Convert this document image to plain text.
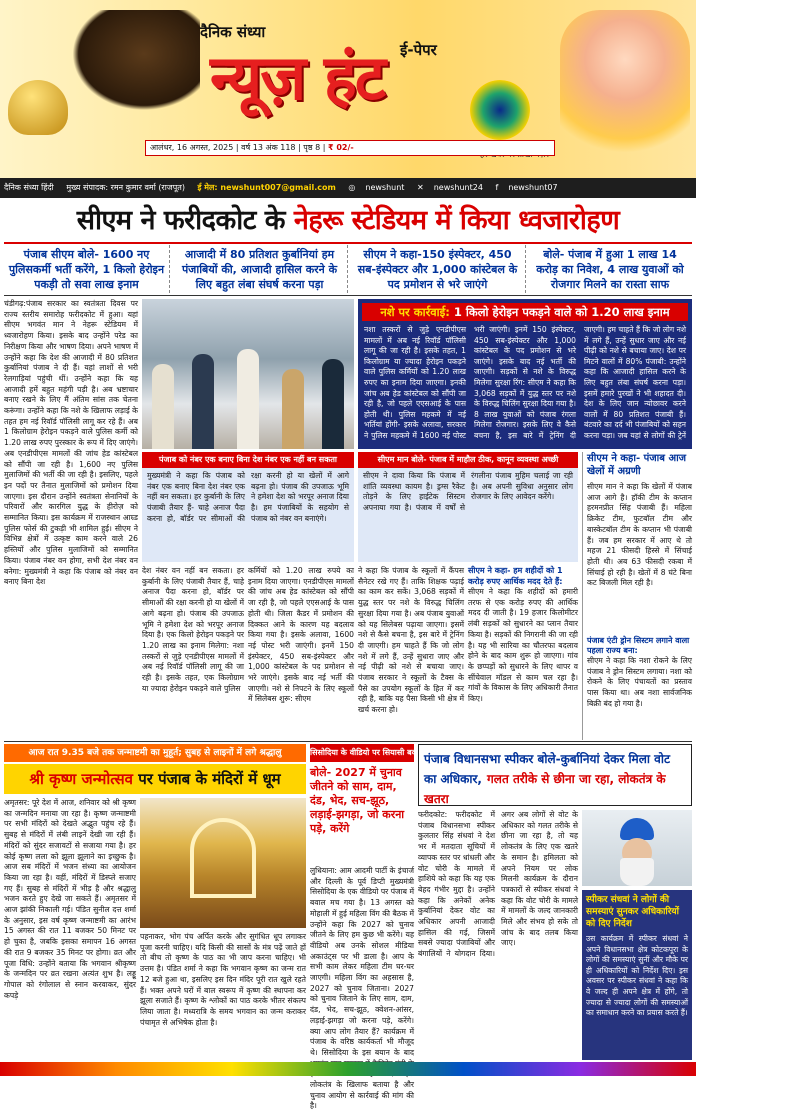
दैनिक संध्या
न्यूज़ हंट	ई-पेपर
आलंधर, 16 अगस्त, 2025 | वर्ष 13 अंक 118 | पृष्ठ 8 | ₹ 02/-
दैनिक संध्या हिंदी मुख्य संपादक: रमन कुमार वर्मा (राजपूत) ई मेल: newshunt007@gmail.com ◎ newshunt ✕ newshunt24 f newshunt07
सीएम ने फरीदकोट के नेहरू स्टेडियम में किया ध्वजारोहण
पंजाब सीएम बोले- 1600 नए पुलिसकर्मी भर्ती करेंगे, 1 किलो हेरोइन पकड़ी तो सवा लाख इनाम
आजादी में 80 प्रतिशत कुर्बानियां हम पंजाबियों की, आजादी हासिल करने के लिए बहुत लंबा संघर्ष करना पड़ा
सीएम ने कहा-150 इंस्पेक्टर, 450 सब-इंस्पेक्टर और 1,000 कांस्टेबल के पद प्रमोशन से भरे जाएंगे
बोले- पंजाब में हुआ 1 लाख 14 करोड़ का निवेश, 4 लाख युवाओं को रोजगार मिलने का रास्ता साफ
चंडीगढ़:पंजाब सरकार का स्वतंत्रता दिवस पर राज्य स्तरीय समारोह फरीदकोट में हुआ। यहां सीएम भगवंत मान ने नेहरू स्टेडियम में ध्वजारोहण किया। इसके बाद उन्होंने परेड का निरीक्षण किया और भाषण दिया। अपने भाषण में उन्होंने कहा कि देश की आजादी में 80 प्रतिशत कुर्बानियां पंजाब ने दी हैं। यहां लाशों से भरी रेलगाड़ियां पहुंची थीं। उन्होंने कहा कि यह आजादी हमें बहुत महंगी पड़ी है। अब भ्रष्टाचार बनाए रखने के लिए मैं अंतिम सांस तक चेतना करूंगा। उन्होंने कहा कि नशे के खिलाफ लड़ाई के तहत हम नई रिवॉर्ड पॉलिसी लागू कर रहे हैं। अब 1 किलोग्राम हेरोइन पकड़ने वाले पुलिस कर्मी को 1.20 लाख रुपए पुरस्कार के रूप में दिए जाएंगे। अब एनडीपीएस मामलों की जांच हेड कांस्टेबल को सौंपी जा रही है। 1,600 नए पुलिस मुलाजिमों की भर्ती की जा रही है। इसलिए, पहले इन पदों पर तैनात मुलाजिमों को प्रमोशन दिया जाएगा। इस दौरान उन्होंने स्वतंत्रता सेनानियों के परिवारों और कारगिल युद्ध के हीरोज़ को सम्मानित किया। इस कार्यक्रम में राजस्थान आम्र्ड पुलिस फोर्स की टुकड़ी भी शामिल हुई। सीएम ने विभिन्न क्षेत्रों में उत्कृष्ट काम करने वाले 26 हस्तियों और पुलिस मुलाजिमों को सम्मानित किया। पंजाब नंबर वन होगा, सभी देश नंबर वन बनेगा: मुख्यमंत्री ने कहा कि पंजाब को नंबर वन बनाए बिना देश
नशे पर कार्रवाई: 1 किलो हेरोइन पकड़ने वाले को 1.20 लाख इनाम
नशा तस्करों से जुड़े एनडीपीएस मामलों में अब नई रिवॉर्ड पॉलिसी लागू की जा रही है। इसके तहत, 1 किलोग्राम या ज्यादा हेरोइन पकड़ने वाले पुलिस कर्मियों को 1.20 लाख रुपए का इनाम दिया जाएगा। इनकी जांच अब हेड कांस्टेबल को सौंपी जा रही है, जो पहले एएसआई के पास होती थी। पुलिस महकमे में नई भर्तियां होंगी- इसके अलावा, सरकार ने पुलिस महकमे में 1600 नई पोस्ट भरी जाएंगी। इनमें 150 इंस्पेक्टर, 450 सब-इंस्पेक्टर और 1,000 कांस्टेबल के पद प्रमोशन से भरे जाएंगे। इसके बाद नई भर्ती की जाएगी। सड़कों से नशे के विरुद्ध मिलेगा सुरक्षा रिंग: सीएम ने कहा कि 3,068 सड़कों में युद्ध स्तर पर नशे के विरुद्ध चिलिंग सुरक्षा दिया गया है। 8 लाख युवाओं को पंजाब रंगला मिलेगा रोजगार। इसके लिए वे कैसे बचना है, इस बारे में ट्रेनिंग दी जाएगी। हम चाहते हैं कि जो लोग नशे में लगे हैं, उन्हें सुधार जाए और नई पीढ़ी को नशे से बचाया जाए। देश पर मिटने वालों में 80% पंजाबी: उन्होंने कहा कि आजादी हासिल करने के लिए बहुत लंबा संघर्ष करना पड़ा। इसमें हमारे पुरखों ने भी शहादत दी। देश के लिए जान न्योछावर करने वालों में 80 प्रतिशत पंजाबी हैं। बंटवारे का दर्द भी पंजाबियों को सहन करना पड़ा। जब यहां से लोगों की ट्रेनें आई थीं। 10 लाख से अधिक मौतें हुई। यह आजादी हमें बहुत महंगी पड़ी है।
पंजाब को नंबर एक बनाए बिना देश नंबर एक नहीं बन सकता
मुख्यमंत्री ने कहा कि पंजाब को नंबर एक बनाए बिना देश नंबर एक नहीं बन सकता। हर कुर्बानी के लिए पंजाबी तैयार हैं- चाहे अनाज पैदा करना हो, बॉर्डर पर सीमाओं की रक्षा करनी हो या खेलों में आगे बढ़ना हो। पंजाब की उपजाऊ भूमि ने हमेशा देश को भरपूर अनाज दिया है। हम पंजाबियों के सहयोग से पंजाब को नंबर वन बनाएंगे।
सीएम मान बोले- पंजाब में माहौल ठीक, कानून व्यवस्था अच्छी
सीएम ने दावा किया कि पंजाब में शांति व्यवस्था कायम है। ड्रग्स रैकेट तोड़ने के लिए हाईटेक सिस्टम अपनाया गया है। पंजाब में वर्षों से रंगलीना पंजाब मुहिम चलाई जा रही है। अब अपनी सुविधा अनुसार लोग रोजगार के लिए आवेदन करेंगे।
सीएम ने कहा- पंजाब आज खेलों में अग्रणी
सीएम मान ने कहा कि खेलों में पंजाब आज आगे है। हॉकी टीम के कप्तान हरमनप्रीत सिंह पंजाबी हैं। महिला क्रिकेट टीम, फुटबॉल टीम और बास्केटबॉल टीम के कप्तान भी पंजाबी हैं। जब हम सरकार में आए थे तो महज 21 फीसदी हिस्से में सिंचाई होती थी। अब 63 फीसदी रकबा में सिंचाई हो रही है। खेतों में 8 घंटे बिना कट बिजली मिल रही है।
पंजाब एंटी ड्रोन सिस्टम लगाने वाला पहला राज्य बना:
सीएम ने कहा कि नशा रोकने के लिए पंजाब ने ड्रोन सिस्टम लगाया। नशा को रोकने के लिए पंचायतों का प्रस्ताव पास किया था। अब नशा सार्वजनिक बिक्री बंद हो गया है।
देश नंबर वन नहीं बन सकता। हर कुर्बानी के लिए पंजाबी तैयार हैं, चाहे अनाज पैदा करना हो, बॉर्डर पर सीमाओं की रक्षा करनी हो या खेलों में आगे बढ़ना हो। पंजाब की उपजाऊ भूमि ने हमेशा देश को भरपूर अनाज दिया है। एक किलो हेरोइन पकड़ने पर 1.20 लाख का इनाम मिलेगा: नशा तस्करों से जुड़े एनडीपीएस मामलों में अब नई रिवॉर्ड पॉलिसी लागू की जा रही है। इसके तहत, एक किलोग्राम या ज्यादा हेरोइन पकड़ने वाले पुलिस
कर्मियों को 1.20 लाख रुपये का इनाम दिया जाएगा। एनडीपीएस मामलों की जांच अब हेड कांस्टेबल को सौंपी जा रही है, जो पहले एएसआई के पास होती थी। जिला कैडर में प्रमोशन की दिक्कत आने के कारण यह बदलाव किया गया है। इसके अलावा, 1600 नई पोस्ट भरी जाएंगी। इनमें 150 इंस्पेक्टर, 450 सब-इंस्पेक्टर और 1,000 कांस्टेबल के पद प्रमोशन से भरे जाएंगे। इसके बाद नई भर्ती की जाएगी। नशे से निपटने के लिए स्कूलों में सिलेबस शुरू: सीएम
ने कहा कि पंजाब के स्कूलों में कैंपस सैनेटर रखे गए हैं। ताकि शिक्षक पढ़ाई का काम कर सकें। 3,068 सड़कों में युद्ध स्तर पर नशे के विरुद्ध चिलिंग सुरक्षा दिया गया है। अब पंजाब युवाओं को यह सिलेबस पढ़ाया जाएगा। इसमें नशे से कैसे बचना है, इस बारे में ट्रेनिंग दी जाएगी। हम चाहते हैं कि जो लोग नशे में लगे हैं, उन्हें सुधारा जाए और नई पीढ़ी को नशे से बचाया जाए। पंजाब सरकार ने स्कूलों के टैक्स के पैसे का उपयोग स्कूलों के हित में कर रही है, बाकि यह पैसा किसी भी क्षेत्र में खर्च करना हो।
सीएम ने कहा- हम शहीदों को 1 करोड़ रुपए आर्थिक मदद देते हैं:
सीएम ने कहा कि शहीदों को हमारी तरफ से एक करोड़ रुपए की आर्थिक मदद दी जाती है। 19 हजार किलोमीटर लंबी सड़कों को सुधारने का प्लान तैयार किया है। सड़कों की निगरानी की जा रही है। यह भी सारिया का चौतरफा बदलाव होने के बाद काम शुरू हो जाएगा। गांव के छप्पड़ों को सुधारने के लिए थापर व सींचेवाल मॉडल से काम चल रहा है। गांवों के विकास के लिए अधिकारी तैनात किए।
आज रात 9.35 बजे तक जन्माष्टमी का मुहूर्त; सुबह से लाइनों में लगे श्रद्धालु
श्री कृष्ण जन्मोत्सव पर पंजाब के मंदिरों में धूम
अमृतसर: पूरे देश में आज, शनिवार को श्री कृष्ण का जन्मदिन मनाया जा रहा है। कृष्ण जन्माष्टमी पर सभी मंदिरों को देखते अद्भुत पहुंच रहे हैं। सुबह से मंदिरों में लंबी लाइनें देखी जा रही हैं। मंदिरों को सुंदर सजावटों से सजाया गया है। हर कोई कृष्ण लला को झूला झूलाने का इच्छुक है। आज सब मंदिरों में भजन संध्या का आयोजन किया जा रहा है। वहीं, मंदिरों में डिस्प्ले सजाए गए हैं। सुबह से मंदिरों में भीड़ है और श्रद्धालु भजन करते हुए देखे जा सकते हैं। अमृतसर में आज झांकी निकाली गई। पंडित सुनील दत्त शर्मा के अनुसार, इस वर्ष कृष्ण जन्माष्टमी का आरंभ 15 अगस्त की रात 11 बजकर 50 मिनट पर हो चुका है, जबकि इसका समापन 16 अगस्त की रात 9 बजकर 35 मिनट पर होगा। व्रत और पूजा विधि: उन्होंने बताया कि भगवान श्रीकृष्ण के जन्मदिन पर व्रत रखना अत्यंत शुभ है। लड्डू गोपाल को रंगोलाल से स्नान करवाकर, सुंदर कपड़े
पहनाकर, भोग पंच अर्पित करके और सुगंधित धूप लगाकर पूजा करनी चाहिए। यदि किसी की सासों के मंत्र पढ़ें जाते हों तो बीच तो कृष्ण के पाठ का भी जाप करना चाहिए। भी उत्तम है। पंडित शर्मा ने कहा कि भगवान कृष्ण का जन्म रात 12 बजे हुआ था, इसलिए इस दिन मंदिर पूरी रात खुले रहते हैं। भक्त अपने घरों में बाल स्वरूप में कृष्ण की स्थापना कर झूला सजाते हैं। कृष्ण के श्लोकों का पाठ करके भीतर संकल्प लिया जाता है। मध्यरात्रि के समय भगवान का जन्म कराकर पंचामृत से अभिषेक होता है।
सिसोदिया के वीडियो पर सियासी बवाल
बोले- 2027 में चुनाव जीतने को साम, दाम, दंड, भेद, सच-झूठ, लड़ाई-झगड़ा, जो करना पड़े, करेंगे
लुधियाना: आम आदमी पार्टी के इंचार्ज और दिल्ली के पूर्व डिप्टी मुख्यमंत्री सिसोदिया के एक वीडियो पर पंजाब में बवाल मच गया है। 13 अगस्त को मोहाली में हुई महिला विंग की बैठक में उन्होंने कहा कि 2027 को चुनाव जीतने के लिए हम कुछ भी करेंगे। यह वीडियो अब उनके सोशल मीडिया अकाउंट्स पर भी डाला है। आप के सभी काम लेकर महिला टीम घर-घर जाएगी। महिला विंग का अहसास है, 2027 को चुनाव जिताना। 2027 को चुनाव जिताने के लिए साम, दाम, दंड, भेद, सच-झूठ, क्वेशन-आंसर, लड़ाई-झगड़ा जो करना पड़े, करेंगे। क्या आप लोग तैयार हैं? कार्यक्रम में पंजाब के वरिष्ठ कार्यकर्ता भी मौजूद थे। सिसोदिया के इस बयान के बाद लोकतंत्र के खिलाफ बताया है और चुनाव आयोग से कार्रवाई की मांग की है।
पंजाब विधानसभा स्पीकर बोले-कुर्बानियां देकर मिला वोट का अधिकार, गलत तरीके से छीना जा रहा, लोकतंत्र के खतरा
फरीदकोट: फरीदकोट में पंजाब विधानसभा स्पीकर कुलतार सिंह संधवां ने देश भर में मतदाता सूचियों में व्यापक स्तर पर धांधली और वोट चोरी के मामले में हाशिये को कहा कि यह एक बेहद गंभीर मुद्दा है। उन्होंने कहा कि अनेकों अनेक कुर्बानियां देकर वोट का अधिकार अपनी आजादी हासिल की गई, जिसमें सबसे ज्यादा पंजाबियों और बंगालियों ने योगदान दिया। अगर अब लोगों से वोट के अधिकार को गलत तरीके से छीना जा रहा है, तो यह लोकतंत्र के लिए एक खतरे के समान है। हमिलता को अपने नियम पर लोक मिलनी कार्यक्रम के दौरान पत्रकारों से स्पीकर संधवां ने कहा कि वोट चोरी के मामले में मामलों के जल्द जानकारी मिले और संभव हो सके तो जांच के बाद तलब किया जाए।
स्पीकर संधवां ने लोगों की समस्याएं सुनकर अधिकारियों को दिए निर्देश
उस कार्यक्रम में स्पीकर संधवां ने अपने विधानसभा क्षेत्र कोटकपूरा के लोगों की समस्याएं सुनीं और मौके पर ही अधिकारियों को निर्देश दिए। इस अवसर पर स्पीकर संधवां ने कहा कि वे जल्द ही अपने क्षेत्र में होंगे, तो ज्यादा से ज्यादा लोगों की समस्याओं का समाधान करने का प्रयास करते हैं।
